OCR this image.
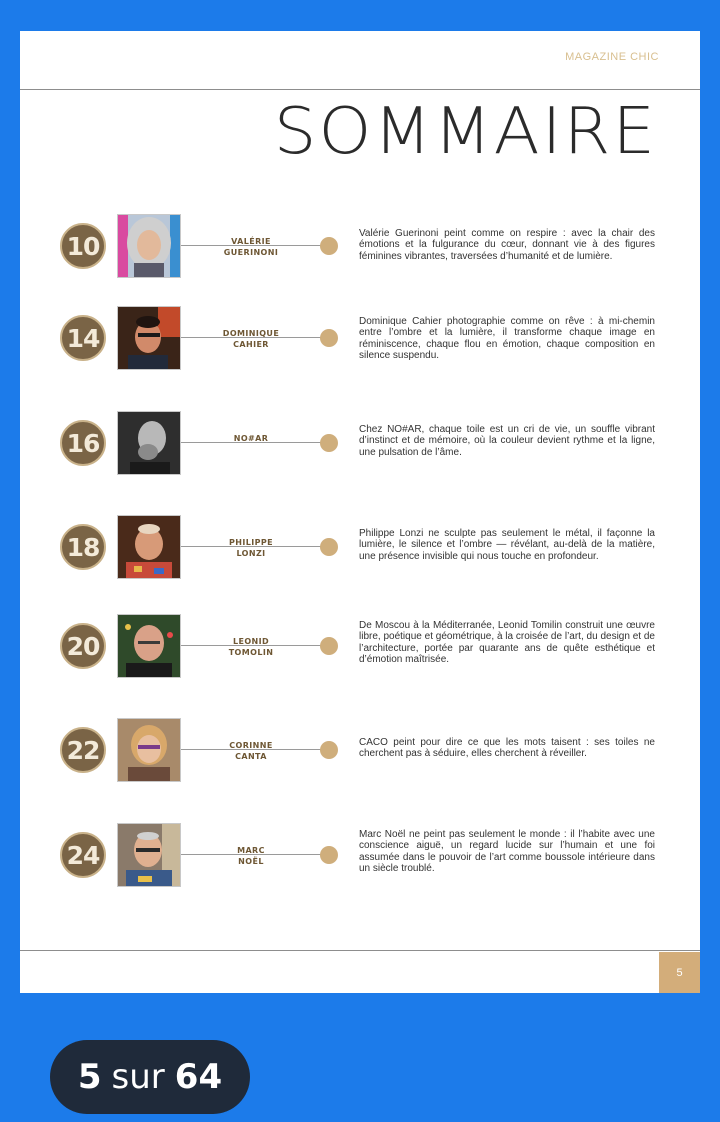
MAGAZINE CHIC
SOMMAIRE
10	VALÉRIE
GUERINONI
Valérie Guerinoni peint comme on respire : avec la chair des émotions et la fulgurance du cœur, donnant vie à des figures féminines vibrantes, traversées d’humanité et de lumière.
14	DOMINIQUE
CAHIER
Dominique Cahier photographie comme on rêve : à mi-chemin entre l’ombre et la lumière, il transforme chaque image en réminiscence, chaque flou en émotion, chaque composition en silence suspendu.
16	NO#AR
Chez NO#AR, chaque toile est un cri de vie, un souffle vibrant d’instinct et de mémoire, où la couleur devient rythme et la ligne, une pulsation de l’âme.
18	PHILIPPE
LONZI
Philippe Lonzi ne sculpte pas seulement le métal, il façonne la lumière, le silence et l’ombre — révélant, au-delà de la matière, une présence invisible qui nous touche en profondeur.
20	LEONID
TOMOLIN
De Moscou à la Méditerranée, Leonid Tomilin construit une œuvre libre, poétique et géométrique, à la croisée de l’art, du design et de l’architecture, portée par quarante ans de quête esthétique et d’émotion maîtrisée.
22	CORINNE
CANTA
CACO peint pour dire ce que les mots taisent : ses toiles ne cherchent pas à séduire, elles cherchent à réveiller.
24	MARC
NOËL
Marc Noël ne peint pas seulement le monde : il l’habite avec une conscience aiguë, un regard lucide sur l’humain et une foi assumée dans le pouvoir de l’art comme boussole intérieure dans un siècle troublé.
5
5 sur 64
